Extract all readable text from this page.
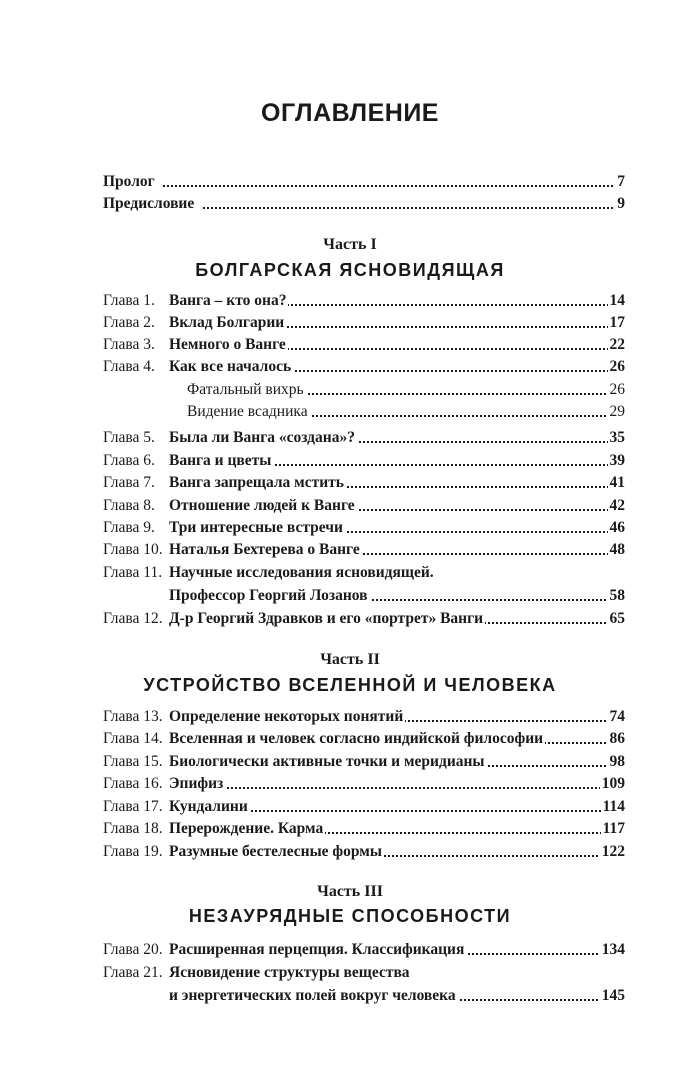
ОГЛАВЛЕНИЕ
Пролог	7
Предисловие	9
Часть I
БОЛГАРСКАЯ ЯСНОВИДЯЩАЯ
Глава 1. Ванга – кто она?	14
Глава 2. Вклад Болгарии	17
Глава 3. Немного о Ванге	22
Глава 4. Как все началось	26
Фатальный вихрь	26
Видение всадника	29
Глава 5. Была ли Ванга «создана»?	35
Глава 6. Ванга и цветы	39
Глава 7. Ванга запрещала мстить	41
Глава 8. Отношение людей к Ванге	42
Глава 9. Три интересные встречи	46
Глава 10. Наталья Бехтерева о Ванге	48
Глава 11. Научные исследования ясновидящей.
Профессор Георгий Лозанов	58
Глава 12. Д-р Георгий Здравков и его «портрет» Ванги	65
Часть II
УСТРОЙСТВО ВСЕЛЕННОЙ И ЧЕЛОВЕКА
Глава 13. Определение некоторых понятий	74
Глава 14. Вселенная и человек согласно индийской философии	86
Глава 15. Биологически активные точки и меридианы	98
Глава 16. Эпифиз	109
Глава 17. Кундалини	114
Глава 18. Перерождение. Карма	117
Глава 19. Разумные бестелесные формы	122
Часть III
НЕЗАУРЯДНЫЕ СПОСОБНОСТИ
Глава 20. Расширенная перцепция. Классификация	134
Глава 21. Ясновидение структуры вещества
и энергетических полей вокруг человека	145
